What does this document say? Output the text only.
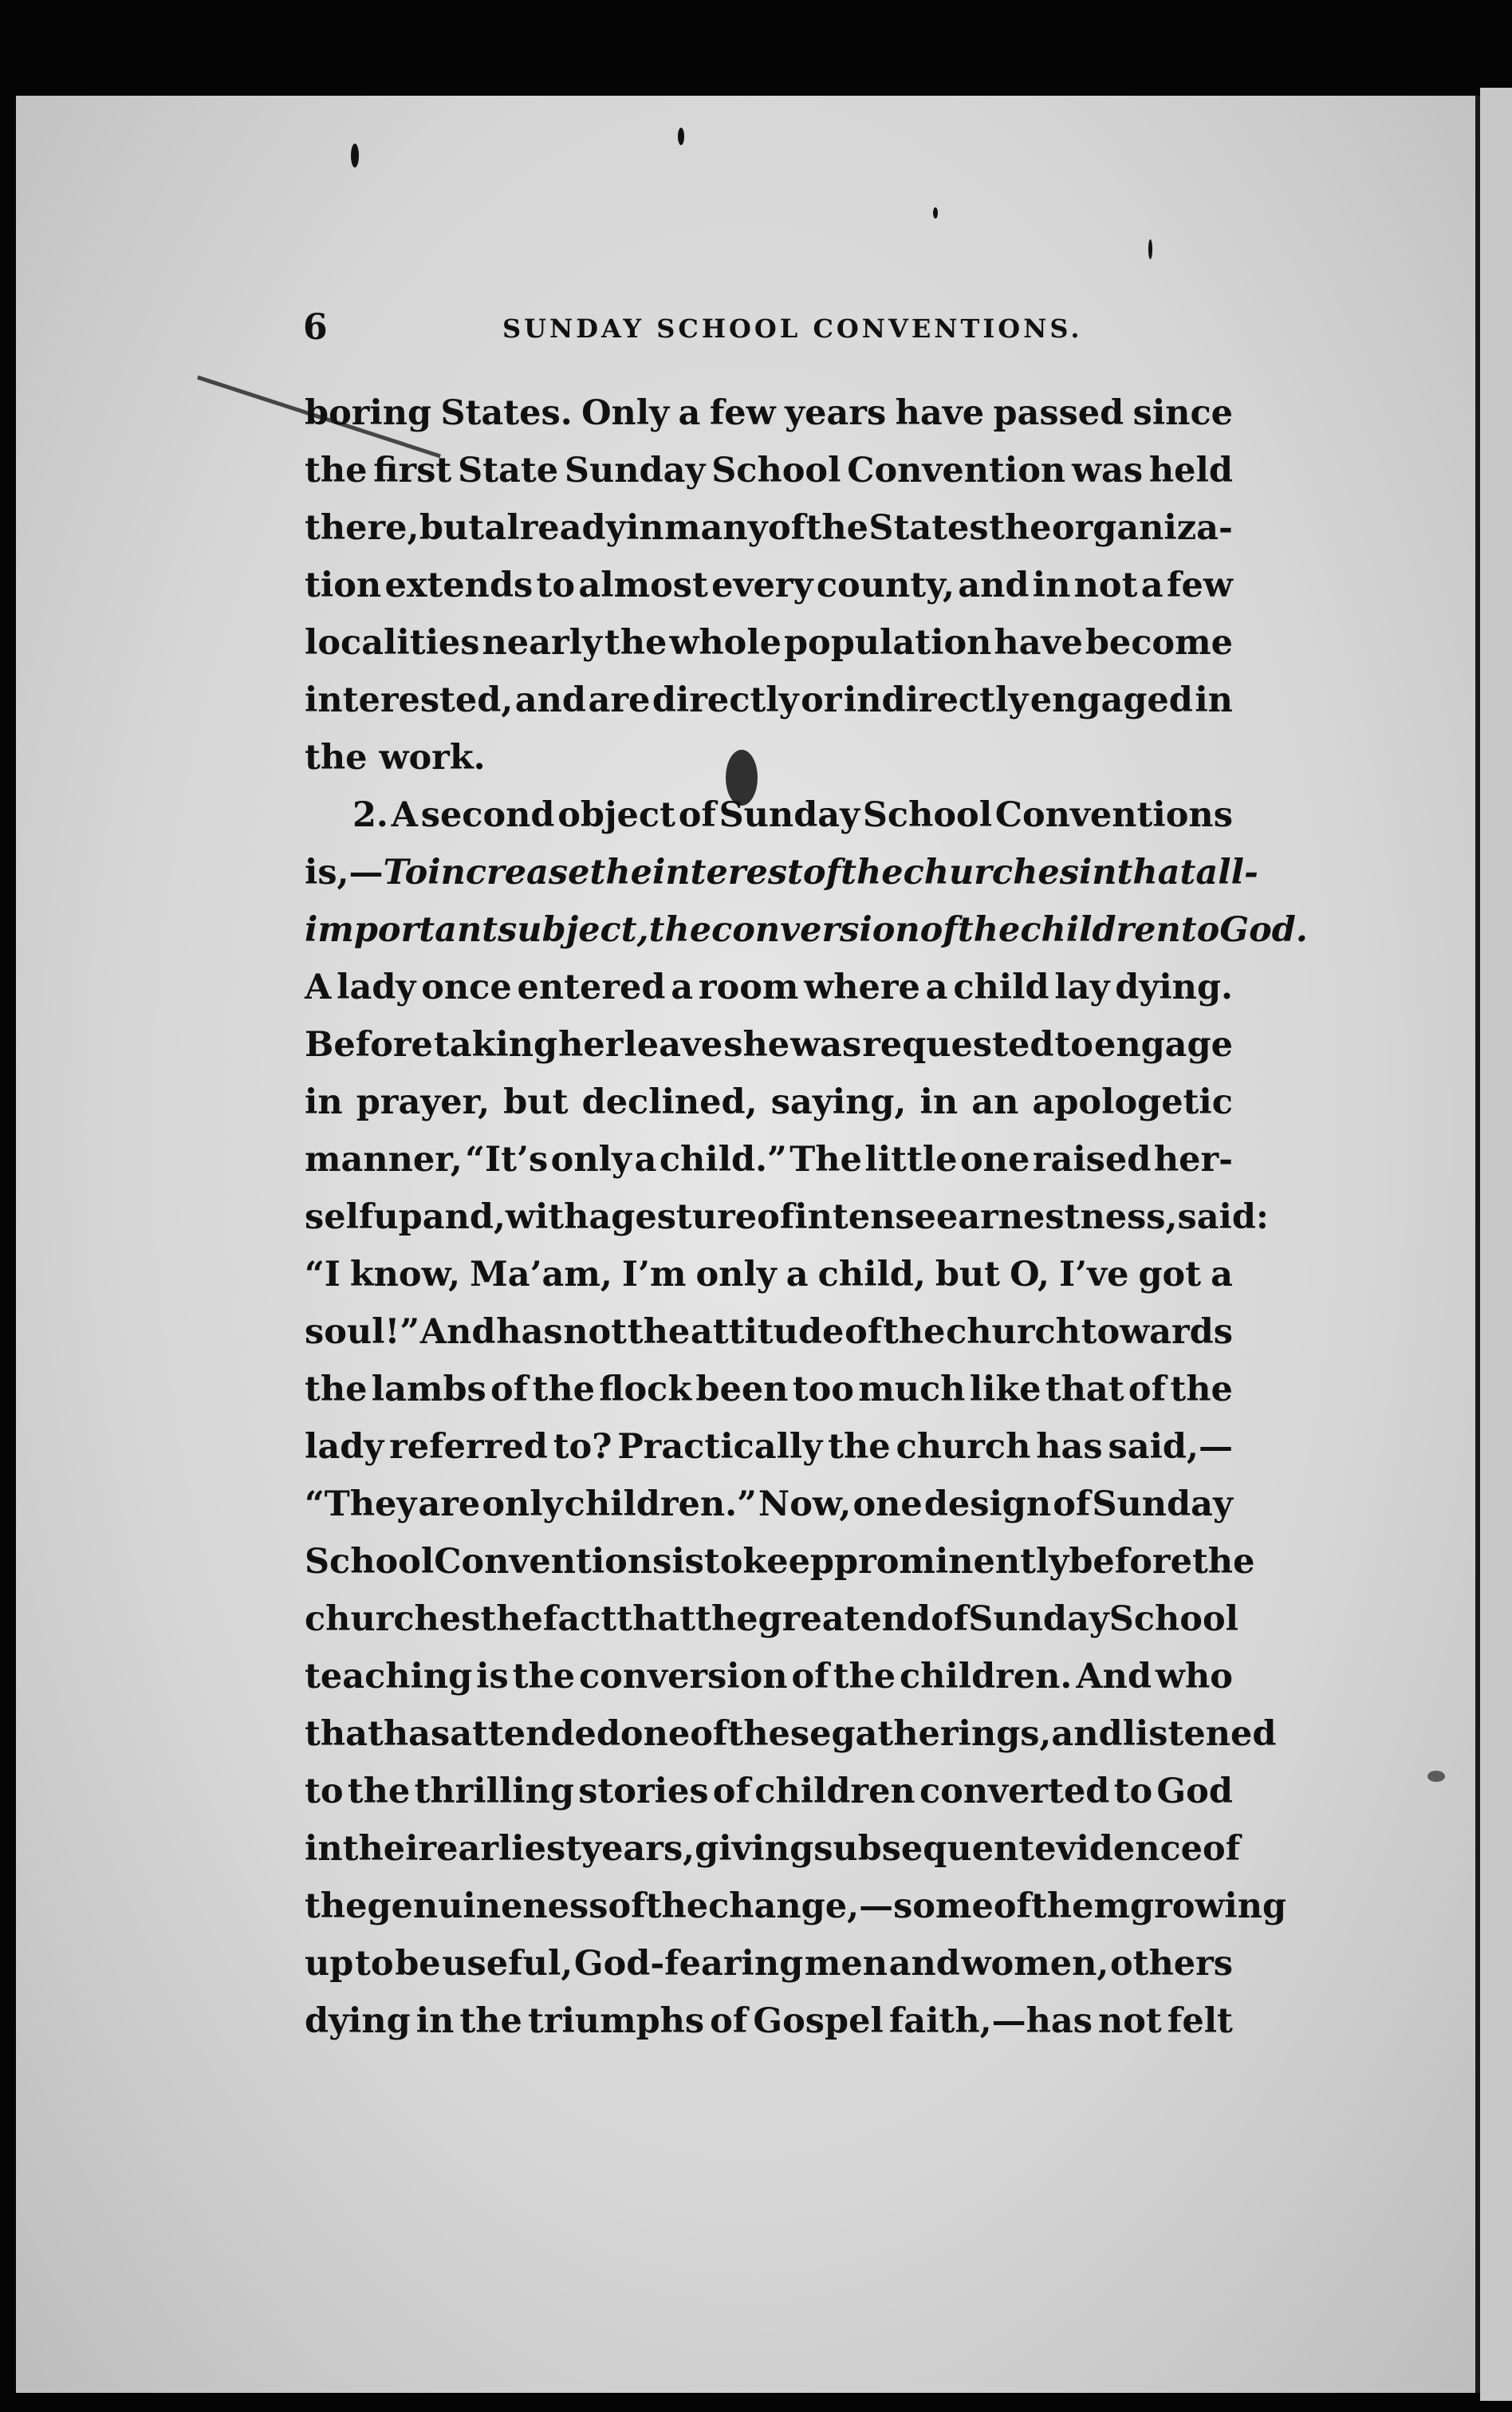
6	SUNDAY SCHOOL CONVENTIONS.
boring States. Only a few years have passed since
the first State Sunday School Convention was held
there, but already in many of the States the organiza-
tion extends to almost every county, and in not a few
localities nearly the whole population have become
interested, and are directly or indirectly engaged in
the
work.

2. A second object of Sunday School Conventions
is,—To increase the interest of the churches in that all-
important subject, the conversion of the children to God.
A lady once entered a room where a child lay dying.
Before taking her leave she was requested to engage
in prayer, but declined, saying, in an apologetic
manner, “It’s only a child.” The little one raised her-
self up and, with a gesture of intense earnestness, said :
“I know, Ma’am, I’m only a child, but O, I’ve got a
soul!” And has not the attitude of the church towards
the lambs of the flock been too much like that of the
lady referred to? Practically the church has said,—
“They are only children.” Now, one design of Sunday
School Conventions is to keep prominently before the
churches the fact that the great end of Sunday School
teaching is the conversion of the children. And who
that has attended one of these gatherings, and listened
to the thrilling stories of children converted to God
in their earliest years, giving subsequent evidence of
the genuineness of the change,—some of them growing
up to be useful, God-fearing men and women, others
dying in the triumphs of Gospel faith,—has not felt
